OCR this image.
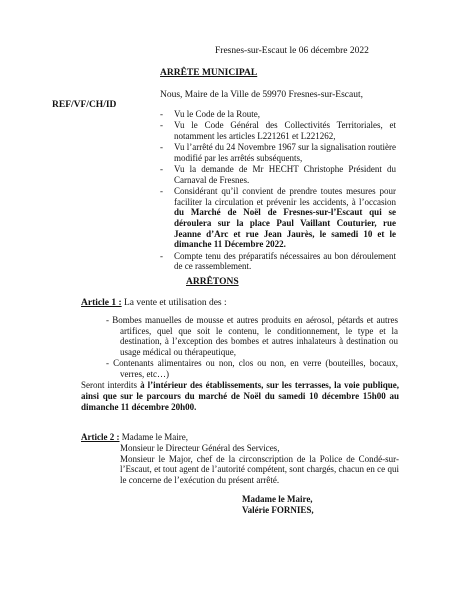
Fresnes-sur-Escaut le 06 décembre 2022
ARRÊTE MUNICIPAL
Nous, Maire de la Ville de 59970 Fresnes-sur-Escaut,
REF/VF/CH/ID
- Vu le Code de la Route,
- Vu le Code Général des Collectivités Territoriales, et notamment les articles L221261 et L221262,
- Vu l’arrêté du 24 Novembre 1967 sur la signalisation routière modifié par les arrêtés subséquents,
- Vu la demande de Mr HECHT Christophe Président du Carnaval de Fresnes.
- Considérant qu’il convient de prendre toutes mesures pour faciliter la circulation et prévenir les accidents, à l’occasion du Marché de Noël de Fresnes-sur-l’Escaut qui se déroulera sur la place Paul Vaillant Couturier, rue Jeanne d’Arc et rue Jean Jaurès, le samedi 10 et le dimanche 11 Décembre 2022.
- Compte tenu des préparatifs nécessaires au bon déroulement de ce rassemblement.
ARRÊTONS
Article 1 : La vente et utilisation des :
- Bombes manuelles de mousse et autres produits en aérosol, pétards et autres artifices, quel que soit le contenu, le conditionnement, le type et la destination, à l’exception des bombes et autres inhalateurs à destination ou usage médical ou thérapeutique,
- Contenants alimentaires ou non, clos ou non, en verre (bouteilles, bocaux, verres, etc…)
Seront interdits à l’intérieur des établissements, sur les terrasses, la voie publique, ainsi que sur le parcours du marché de Noël du samedi 10 décembre 15h00 au dimanche 11 décembre 20h00.
Article 2 : Madame le Maire,
Monsieur le Directeur Général des Services,
Monsieur le Major, chef de la circonscription de la Police de Condé-sur-l’Escaut, et tout agent de l’autorité compétent, sont chargés, chacun en ce qui le concerne de l’exécution du présent arrêté.
Madame le Maire,
Valérie FORNIES,
